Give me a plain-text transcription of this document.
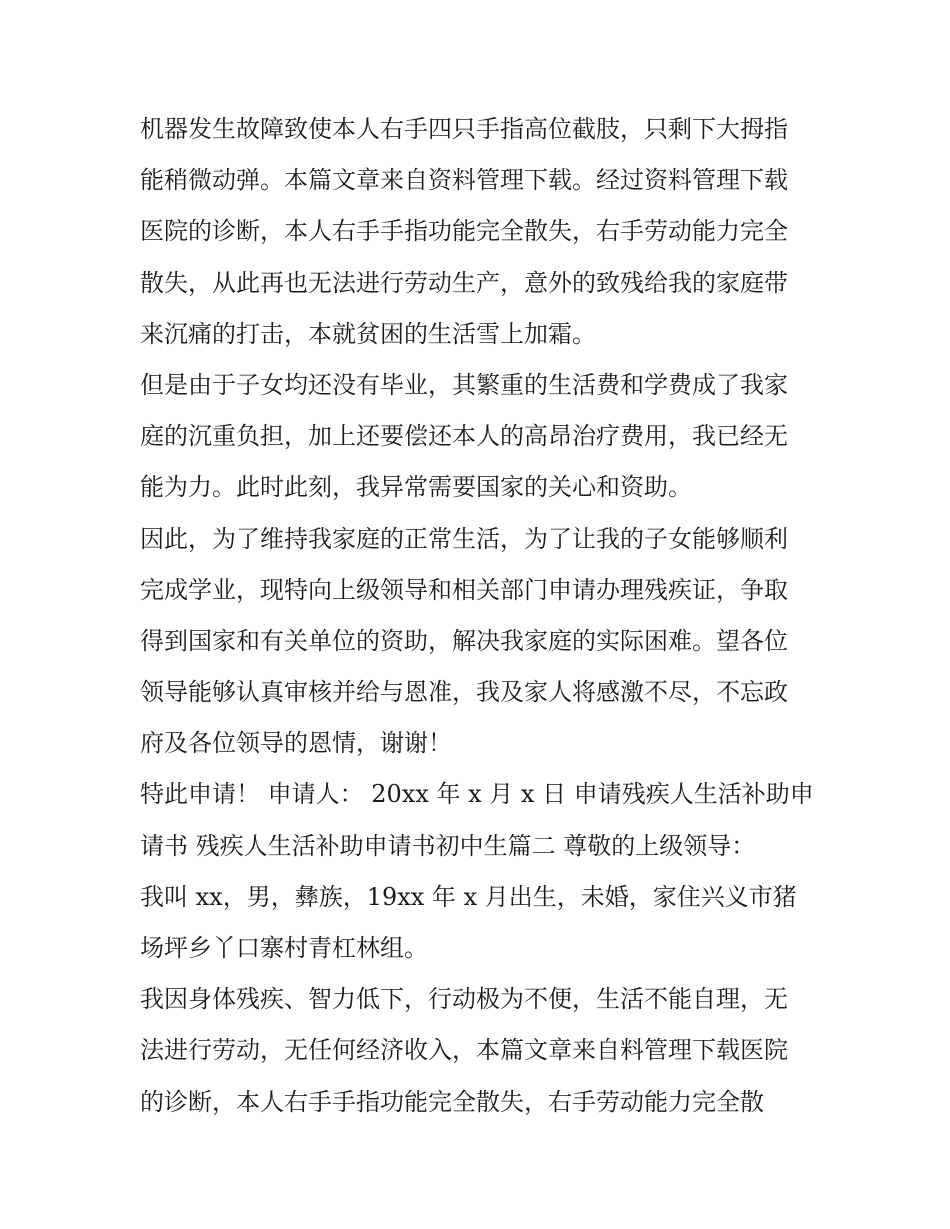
机器发生故障致使本人右手四只手指高位截肢，只剩下大拇指
能稍微动弹。本篇文章来自资料管理下载。经过资料管理下载
医院的诊断，本人右手手指功能完全散失，右手劳动能力完全
散失，从此再也无法进行劳动生产，意外的致残给我的家庭带
来沉痛的打击，本就贫困的生活雪上加霜。
但是由于子女均还没有毕业，其繁重的生活费和学费成了我家
庭的沉重负担，加上还要偿还本人的高昂治疗费用，我已经无
能为力。此时此刻，我异常需要国家的关心和资助。
因此，为了维持我家庭的正常生活，为了让我的子女能够顺利
完成学业，现特向上级领导和相关部门申请办理残疾证，争取
得到国家和有关单位的资助，解决我家庭的实际困难。望各位
领导能够认真审核并给与恩准，我及家人将感激不尽，不忘政
府及各位领导的恩情，谢谢！
特此申请！ 申请人： 20xx 年 x 月 x 日 申请残疾人生活补助申
请书 残疾人生活补助申请书初中生篇二 尊敬的上级领导：
我叫 xx，男，彝族，19xx 年 x 月出生，未婚，家住兴义市猪
场坪乡丫口寨村青杠林组。
我因身体残疾、智力低下，行动极为不便，生活不能自理，无
法进行劳动，无任何经济收入，本篇文章来自料管理下载医院
的诊断，本人右手手指功能完全散失，右手劳动能力完全散
